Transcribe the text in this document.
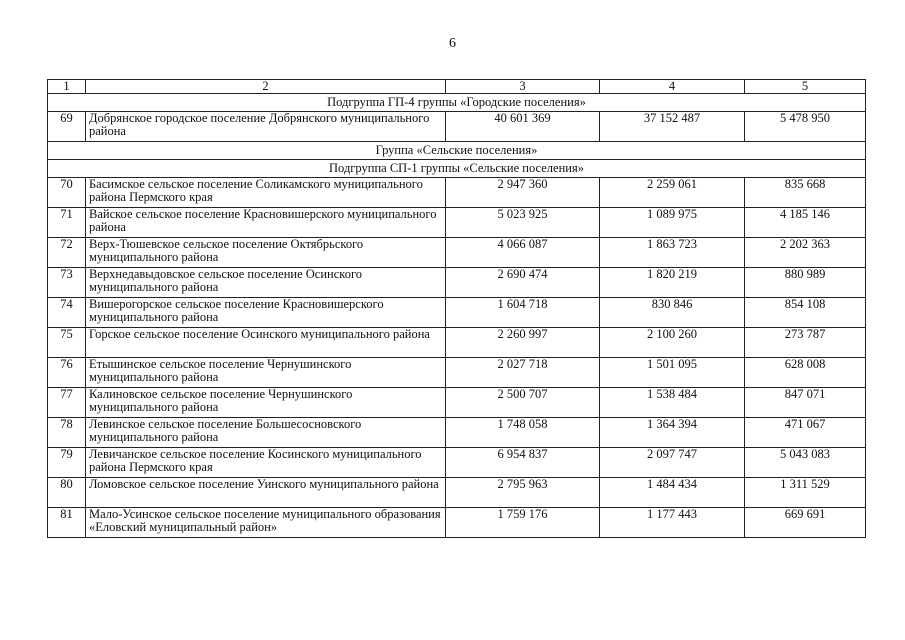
6
1	2	3	4	5
Подгруппа ГП-4 группы «Городские поселения»				
69	Добрянское городское поселение Добрянского муниципального района	40 601 369	37 152 487	5 478 950
Группа «Сельские поселения»				
Подгруппа СП-1 группы «Сельские поселения»				
70	Басимское сельское поселение Соликамского муниципального района Пермского края	2 947 360	2 259 061	835 668
71	Вайское сельское поселение Красновишерского муниципального района	5 023 925	1 089 975	4 185 146
72	Верх-Тюшевское сельское поселение Октябрьского муниципального района	4 066 087	1 863 723	2 202 363
73	Верхнедавыдовское сельское поселение Осинского муниципального района	2 690 474	1 820 219	880 989
74	Вишерогорское сельское поселение Красновишерского муниципального района	1 604 718	830 846	854 108
75	Горское сельское поселение Осинского муниципального района	2 260 997	2 100 260	273 787
76	Етышинское сельское поселение Чернушинского муниципального района	2 027 718	1 501 095	628 008
77	Калиновское сельское поселение Чернушинского муниципального района	2 500 707	1 538 484	847 071
78	Левинское сельское поселение Большесосновского муниципального района	1 748 058	1 364 394	471 067
79	Левичанское сельское поселение Косинского муниципального района Пермского края	6 954 837	2 097 747	5 043 083
80	Ломовское сельское поселение Уинского муниципального района	2 795 963	1 484 434	1 311 529
81	Мало-Усинское сельское поселение муниципального образования «Еловский муниципальный район»	1 759 176	1 177 443	669 691
